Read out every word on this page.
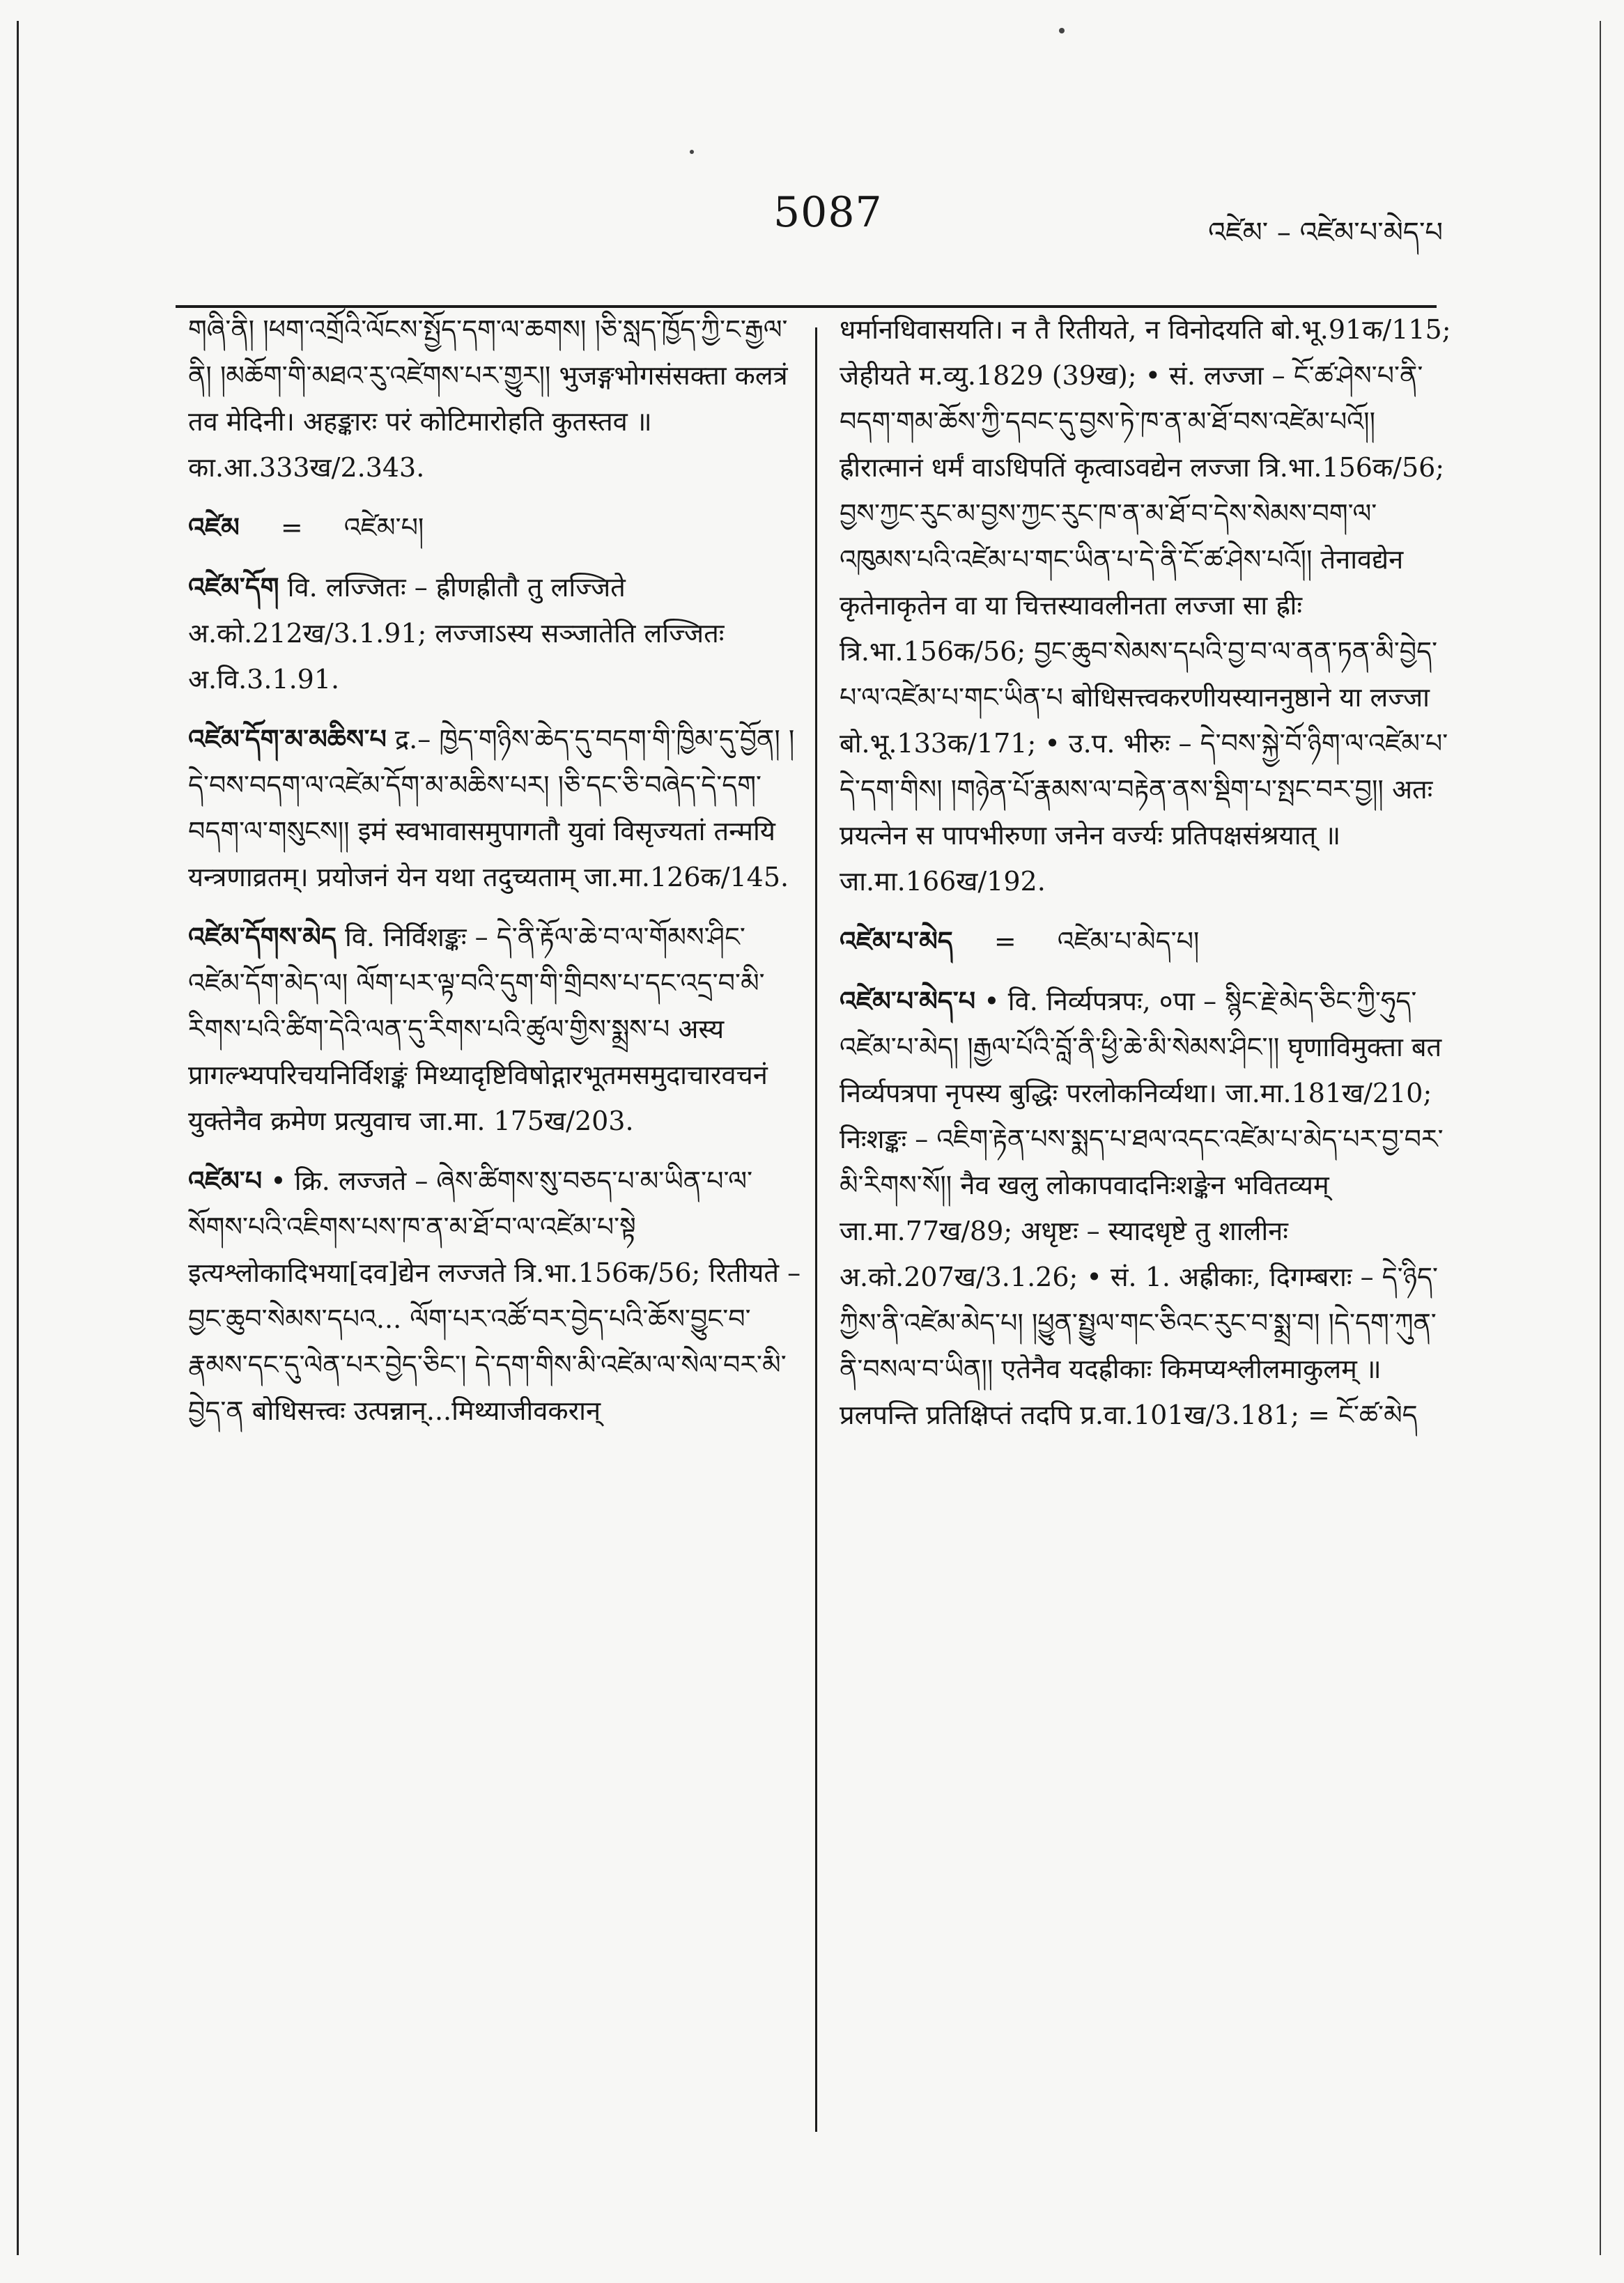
5087	འཛེམ་ – འཛེམ་པ་མེད་པ

གཞི་ནི། །ཕག་འགྲོའི་ལོངས་སྤྱོད་དག་ལ་ཆགས། །ཅི་སླད་ཁྱོད་ཀྱི་ང་རྒྱལ་ནི། །མཆོག་གི་མཐའ་རུ་འཛེགས་པར་གྱུར།། भुजङ्गभोगसंसक्ता कलत्रं तव मेदिनी। अहङ्कारः परं कोटिमारोहति कुतस्तव ॥ का.आ.333ख/2.343.

འཛེམ = འཛེམ་པ།

འཛེམ་དོག वि. लज्जितः – ह्रीणह्रीतौ तु लज्जिते अ.को.212ख/3.1.91; लज्जाऽस्य सञ्जातेति लज्जितः अ.वि.3.1.91.

འཛེམ་དོག་མ་མཆིས་པ द्र.– ཁྱེད་གཉིས་ཆེད་དུ་བདག་གི་ཁྱིམ་དུ་བྱོན། །དེ་བས་བདག་ལ་འཛེམ་དོག་མ་མཆིས་པར། །ཅི་དང་ཅི་བཞེད་དེ་དག་བདག་ལ་གསུངས།། इमं स्वभावासमुपागतौ युवां विसृज्यतां तन्मयि यन्त्रणाव्रतम्। प्रयोजनं येन यथा तदुच्यताम् जा.मा.126क/145.

འཛེམ་དོགས་མེད वि. निर्विशङ्कः – དེ་ནི་རྟོལ་ཆེ་བ་ལ་གོམས་ཤིང་འཛེམ་དོག་མེད་ལ། ལོག་པར་ལྟ་བའི་དུག་གི་གྲིབས་པ་དང་འདྲ་བ་མི་རིགས་པའི་ཚིག་དེའི་ལན་དུ་རིགས་པའི་ཚུལ་གྱིས་སྨྲས་པ अस्य प्रागल्भ्यपरिचयनिर्विशङ्कं मिथ्यादृष्टिविषोद्गारभूतमसमुदाचारवचनं युक्तेनैव क्रमेण प्रत्युवाच जा.मा. 175ख/203.

འཛེམ་པ • क्रि. लज्जते – ཞེས་ཚིགས་སུ་བཅད་པ་མ་ཡིན་པ་ལ་སོགས་པའི་འཇིགས་པས་ཁ་ན་མ་ཐོ་བ་ལ་འཛེམ་པ་སྟེ इत्यश्लोकादिभया[दव]द्येन लज्जते त्रि.भा.156क/56; रितीयते – བྱང་ཆུབ་སེམས་དཔའ... ལོག་པར་འཚོ་བར་བྱེད་པའི་ཆོས་བྱུང་བ་རྣམས་དང་དུ་ལེན་པར་བྱེད་ཅིང་། དེ་དག་གིས་མི་འཛེམ་ལ་སེལ་བར་མི་བྱེད་ན बोधिसत्त्वः उत्पन्नान्...मिथ्याजीवकरान्

धर्मानधिवासयति। न तै रितीयते, न विनोदयति बो.भू.91क/115; जेहीयते म.व्यु.1829 (39ख); • सं. लज्जा – ངོ་ཚ་ཤེས་པ་ནི་བདག་གམ་ཆོས་ཀྱི་དབང་དུ་བྱས་ཏེ་ཁ་ན་མ་ཐོ་བས་འཛེམ་པའོ།། ह्रीरात्मानं धर्मं वाऽधिपतिं कृत्वाऽवद्येन लज्जा त्रि.भा.156क/56; བྱས་ཀྱང་རུང་མ་བྱས་ཀྱང་རུང་ཁ་ན་མ་ཐོ་བ་དེས་སེམས་བག་ལ་འཁུམས་པའི་འཛེམ་པ་གང་ཡིན་པ་དེ་ནི་ངོ་ཚ་ཤེས་པའོ།། तेनावद्येन कृतेनाकृतेन वा या चित्तस्यावलीनता लज्जा सा ह्रीः त्रि.भा.156क/56; བྱང་ཆུབ་སེམས་དཔའི་བྱ་བ་ལ་ནན་ཏན་མི་བྱེད་པ་ལ་འཛེམ་པ་གང་ཡིན་པ बोधिसत्त्वकरणीयस्याननुष्ठाने या लज्जा बो.भू.133क/171; • उ.प. भीरुः – དེ་བས་སྐྱེ་བོ་ཉིག་ལ་འཛེམ་པ་དེ་དག་གིས། །གཉེན་པོ་རྣམས་ལ་བརྟེན་ནས་སྡིག་པ་སྤང་བར་བྱ།། अतः प्रयत्नेन स पापभीरुणा जनेन वर्ज्यः प्रतिपक्षसंश्रयात् ॥ जा.मा.166ख/192.

འཛེམ་པ་མེད = འཛེམ་པ་མེད་པ།

འཛེམ་པ་མེད་པ • वि. निर्व्यपत्रपः, ०पा – སྙིང་རྗེ་མེད་ཅིང་ཀྱི་ཧུད་འཛེམ་པ་མེད། །རྒྱལ་པོའི་བློ་ནི་ཕྱི་ཆེ་མི་སེམས་ཤིང་།། घृणाविमुक्ता बत निर्व्यपत्रपा नृपस्य बुद्धिः परलोकनिर्व्यथा। जा.मा.181ख/210; निःशङ्कः – འཇིག་རྟེན་པས་སྨད་པ་ཐལ་འདང་འཛེམ་པ་མེད་པར་བྱ་བར་མི་རིགས་སོ།། नैव खलु लोकापवादनिःशङ्केन भवितव्यम् जा.मा.77ख/89; अधृष्टः – स्यादधृष्टे तु शालीनः अ.को.207ख/3.1.26; • सं. 1. अह्रीकाः, दिगम्बराः – དེ་ཉིད་ཀྱིས་ནི་འཛེམ་མེད་པ། །ཕྱུན་སྤྱུལ་གང་ཅིའང་རུང་བ་སྨྲ་བ། །དེ་དག་ཀུན་ནི་བསལ་བ་ཡིན།། एतेनैव यदह्रीकाः किमप्यश्लीलमाकुलम् ॥ प्रलपन्ति प्रतिक्षिप्तं तदपि प्र.वा.101ख/3.181; = ངོ་ཚ་མེད
